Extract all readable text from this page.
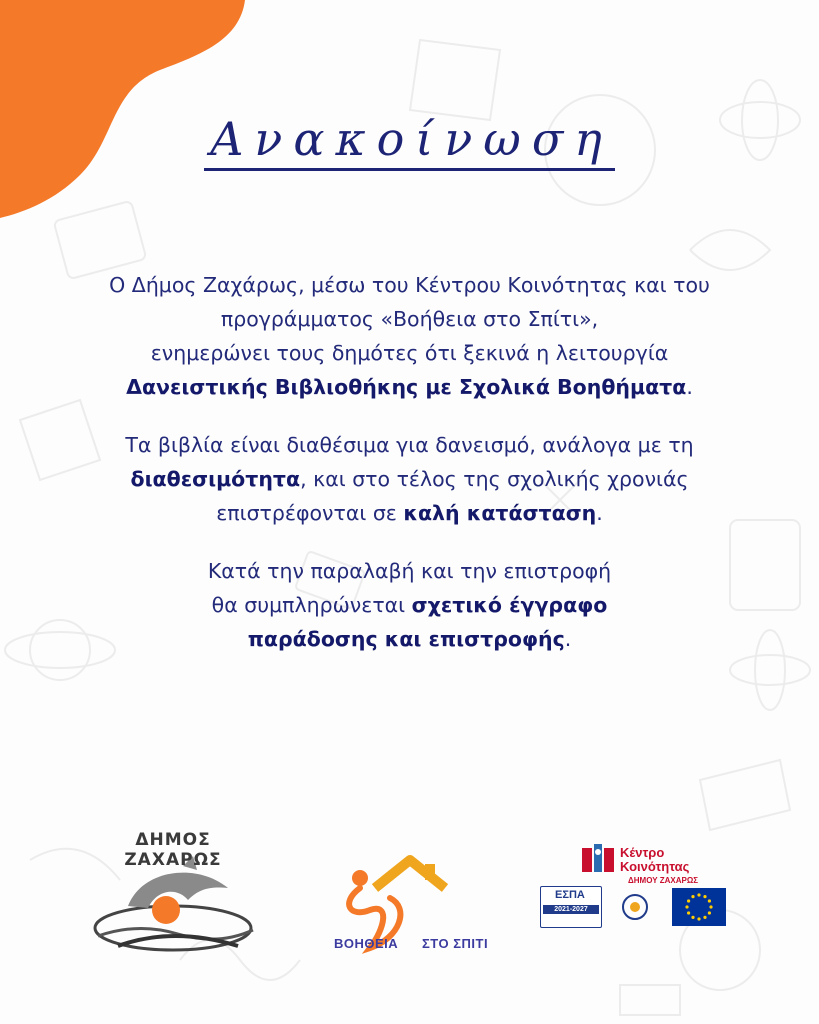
Ανακοίνωση

Ο Δήμος Ζαχάρως, μέσω του Κέντρου Κοινότητας και του
προγράμματος «Βοήθεια στο Σπίτι»,
ενημερώνει τους δημότες ότι ξεκινά η λειτουργία
Δανειστικής Βιβλιοθήκης με Σχολικά Βοηθήματα.

Τα βιβλία είναι διαθέσιμα για δανεισμό, ανάλογα με τη
διαθεσιμότητα, και στο τέλος της σχολικής χρονιάς
επιστρέφονται σε καλή κατάσταση.

Κατά την παραλαβή και την επιστροφή
θα συμπληρώνεται σχετικό έγγραφο
παράδοσης και επιστροφής.

ΔΗΜΟΣ ΖΑΧΑΡΩΣ
ΒΟΗΘΕΙΑ ΣΤΟ ΣΠΙΤΙ
Κέντρο
Κοινότητας
ΔΗΜΟΥ ΖΑΧΑΡΩΣ
ΕΣΠΑ
2021-2027
